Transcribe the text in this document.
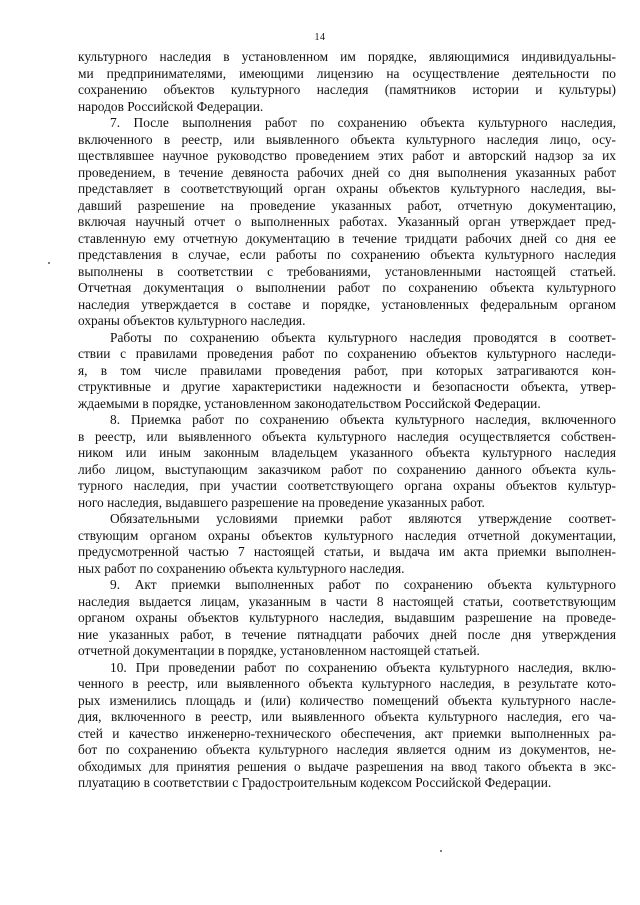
14

культурного наследия в установленном им порядке, являющимися индивидуальны-

ми предпринимателями, имеющими лицензию на осуществление деятельности по

сохранению объектов культурного наследия (памятников истории и культуры)

народов Российской Федерации.

7. После выполнения работ по сохранению объекта культурного наследия,

включенного в реестр, или выявленного объекта культурного наследия лицо, осу-

ществлявшее научное руководство проведением этих работ и авторский надзор за их

проведением, в течение девяноста рабочих дней со дня выполнения указанных работ

представляет в соответствующий орган охраны объектов культурного наследия, вы-

давший разрешение на проведение указанных работ, отчетную документацию,

включая научный отчет о выполненных работах. Указанный орган утверждает пред-

ставленную ему отчетную документацию в течение тридцати рабочих дней со дня ее

представления в случае, если работы по сохранению объекта культурного наследия

выполнены в соответствии с требованиями, установленными настоящей статьей.

Отчетная документация о выполнении работ по сохранению объекта культурного

наследия утверждается в составе и порядке, установленных федеральным органом

охраны объектов культурного наследия.

Работы по сохранению объекта культурного наследия проводятся в соответ-

ствии с правилами проведения работ по сохранению объектов культурного наследи-

я, в том числе правилами проведения работ, при которых затрагиваются кон-

структивные и другие характеристики надежности и безопасности объекта, утвер-

ждаемыми в порядке, установленном законодательством Российской Федерации.

8. Приемка работ по сохранению объекта культурного наследия, включенного

в реестр, или выявленного объекта культурного наследия осуществляется собствен-

ником или иным законным владельцем указанного объекта культурного наследия

либо лицом, выступающим заказчиком работ по сохранению данного объекта куль-

турного наследия, при участии соответствующего органа охраны объектов культур-

ного наследия, выдавшего разрешение на проведение указанных работ.

Обязательными условиями приемки работ являются утверждение соответ-

ствующим органом охраны объектов культурного наследия отчетной документации,

предусмотренной частью 7 настоящей статьи, и выдача им акта приемки выполнен-

ных работ по сохранению объекта культурного наследия.

9. Акт приемки выполненных работ по сохранению объекта культурного

наследия выдается лицам, указанным в части 8 настоящей статьи, соответствующим

органом охраны объектов культурного наследия, выдавшим разрешение на проведе-

ние указанных работ, в течение пятнадцати рабочих дней после дня утверждения

отчетной документации в порядке, установленном настоящей статьей.

10. При проведении работ по сохранению объекта культурного наследия, вклю-

ченного в реестр, или выявленного объекта культурного наследия, в результате кото-

рых изменились площадь и (или) количество помещений объекта культурного насле-

дия, включенного в реестр, или выявленного объекта культурного наследия, его ча-

стей и качество инженерно-технического обеспечения, акт приемки выполненных ра-

бот по сохранению объекта культурного наследия является одним из документов, не-

обходимых для принятия решения о выдаче разрешения на ввод такого объекта в экс-

плуатацию в соответствии с Градостроительным кодексом Российской Федерации.
